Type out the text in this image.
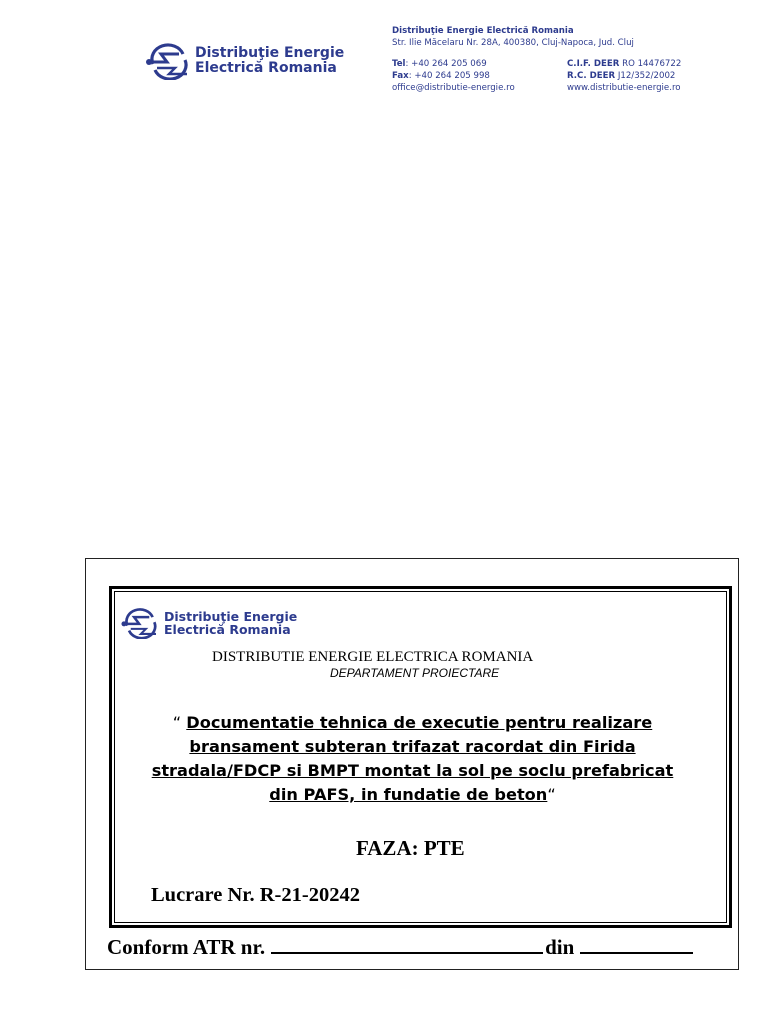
Distribuţie Energie
Electrică Romania
Distribuţie Energie Electrică Romania
Str. Ilie Măcelaru Nr. 28A, 400380, Cluj-Napoca, Jud. Cluj
Tel: +40 264 205 069
Fax: +40 264 205 998
office@distributie-energie.ro
C.I.F. DEER RO 14476722
R.C. DEER J12/352/2002
www.distributie-energie.ro
Distribuţie Energie
Electrică Romania
DISTRIBUTIE ENERGIE ELECTRICA ROMANIA
DEPARTAMENT PROIECTARE
“ Documentatie tehnica de executie pentru realizare bransament subteran trifazat racordat din Firida stradala/FDCP si BMPT montat la sol pe soclu prefabricat din PAFS, in fundatie de beton“
FAZA: PTE
Lucrare Nr. R-21-20242
Conform ATR nr.	din
